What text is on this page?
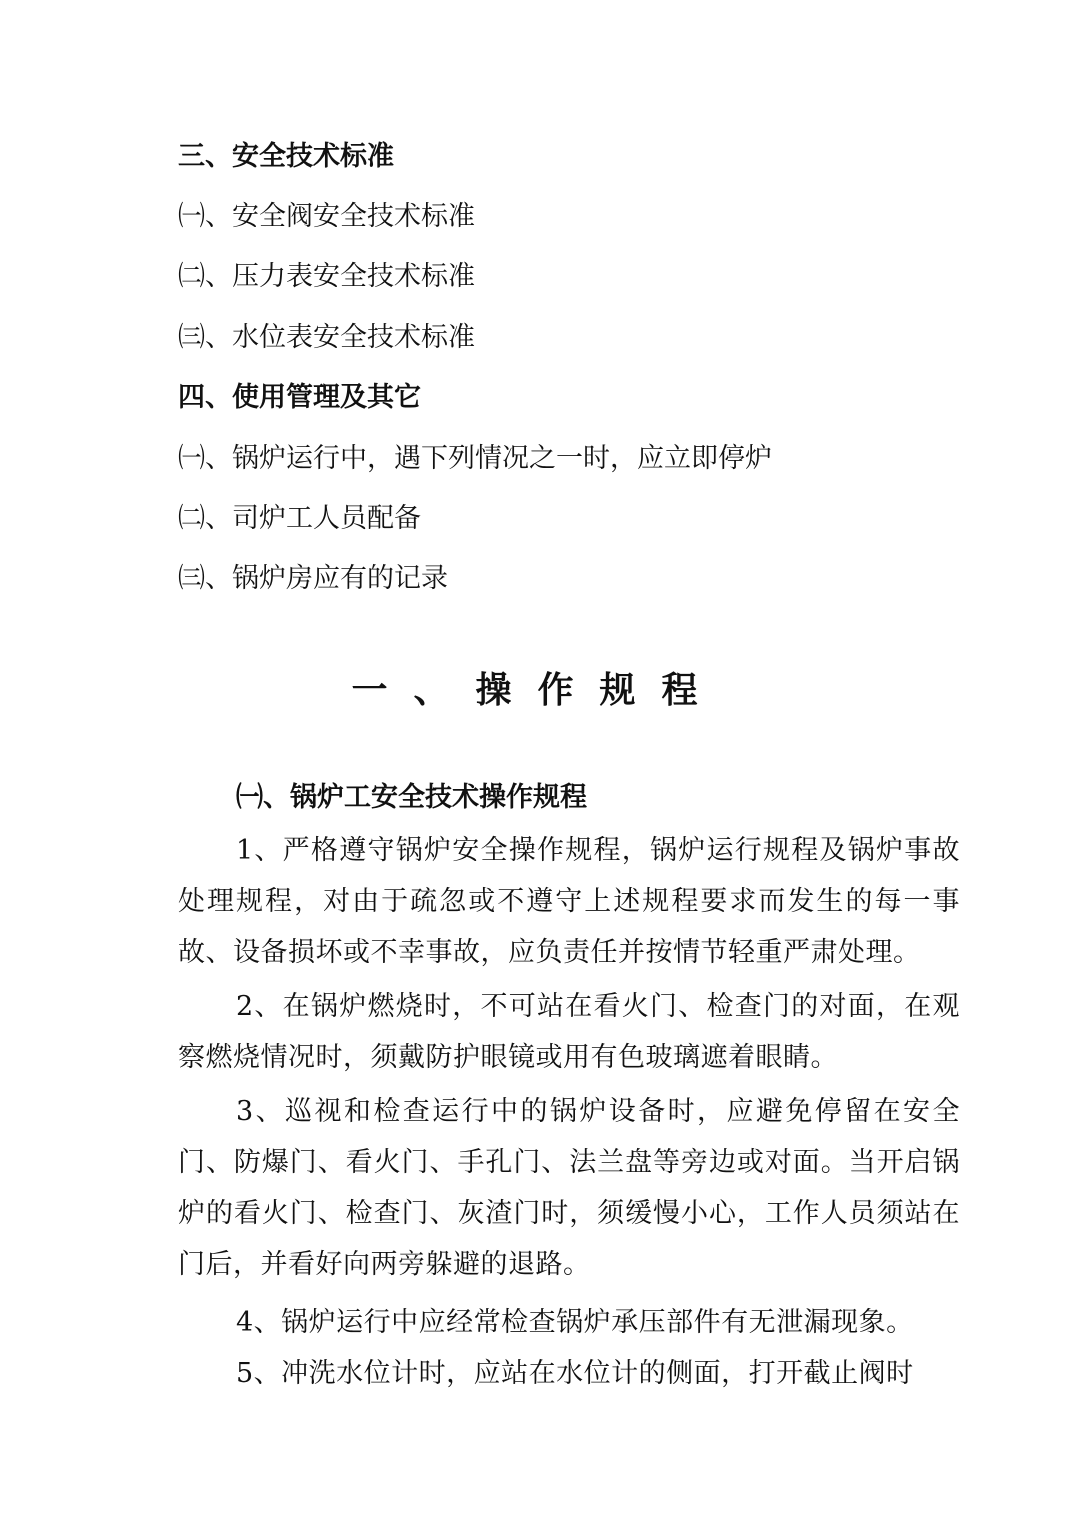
三、安全技术标准

㈠、安全阀安全技术标准

㈡、压力表安全技术标准

㈢、水位表安全技术标准

四、使用管理及其它

㈠、锅炉运行中，遇下列情况之一时，应立即停炉

㈡、司炉工人员配备

㈢、锅炉房应有的记录

一、操作规程
㈠、锅炉工安全技术操作规程

1、严格遵守锅炉安全操作规程，锅炉运行规程及锅炉事故处理规程，对由于疏忽或不遵守上述规程要求而发生的每一事故、设备损坏或不幸事故，应负责任并按情节轻重严肃处理。

2、在锅炉燃烧时，不可站在看火门、检查门的对面，在观察燃烧情况时，须戴防护眼镜或用有色玻璃遮着眼睛。

3、巡视和检查运行中的锅炉设备时，应避免停留在安全门、防爆门、看火门、手孔门、法兰盘等旁边或对面。当开启锅炉的看火门、检查门、灰渣门时，须缓慢小心，工作人员须站在门后，并看好向两旁躲避的退路。

4、锅炉运行中应经常检查锅炉承压部件有无泄漏现象。

5、冲洗水位计时，应站在水位计的侧面，打开截止阀时
